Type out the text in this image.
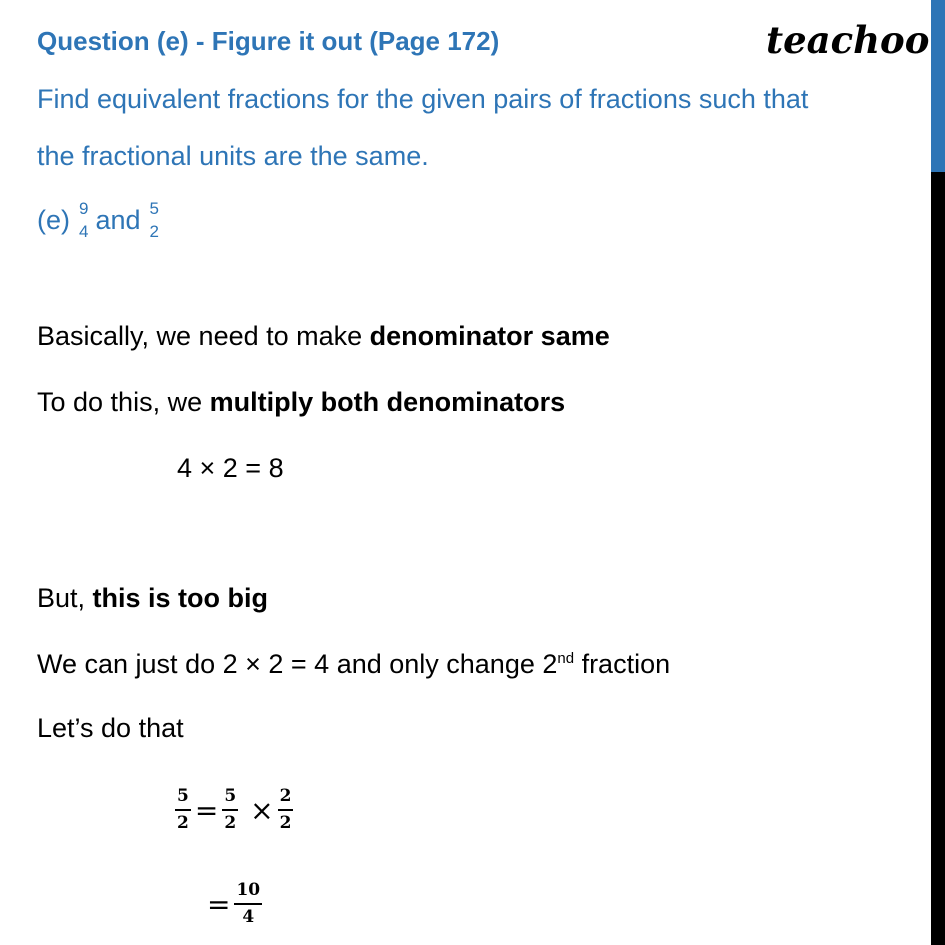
Question (e) - Figure it out (Page 172)	teachoo
Find equivalent fractions for the given pairs of fractions such that
the fractional units are the same.
(e) 9
4 and 5
2
Basically, we need to make denominator same
To do this, we multiply both denominators
4 × 2 = 8
But, this is too big
We can just do 2 × 2 = 4 and only change 2nd fraction
Let’s do that
$\frac{5}{2} = \frac{5}{2} \times \frac{2}{2}$
= $\frac{10}{4}$
